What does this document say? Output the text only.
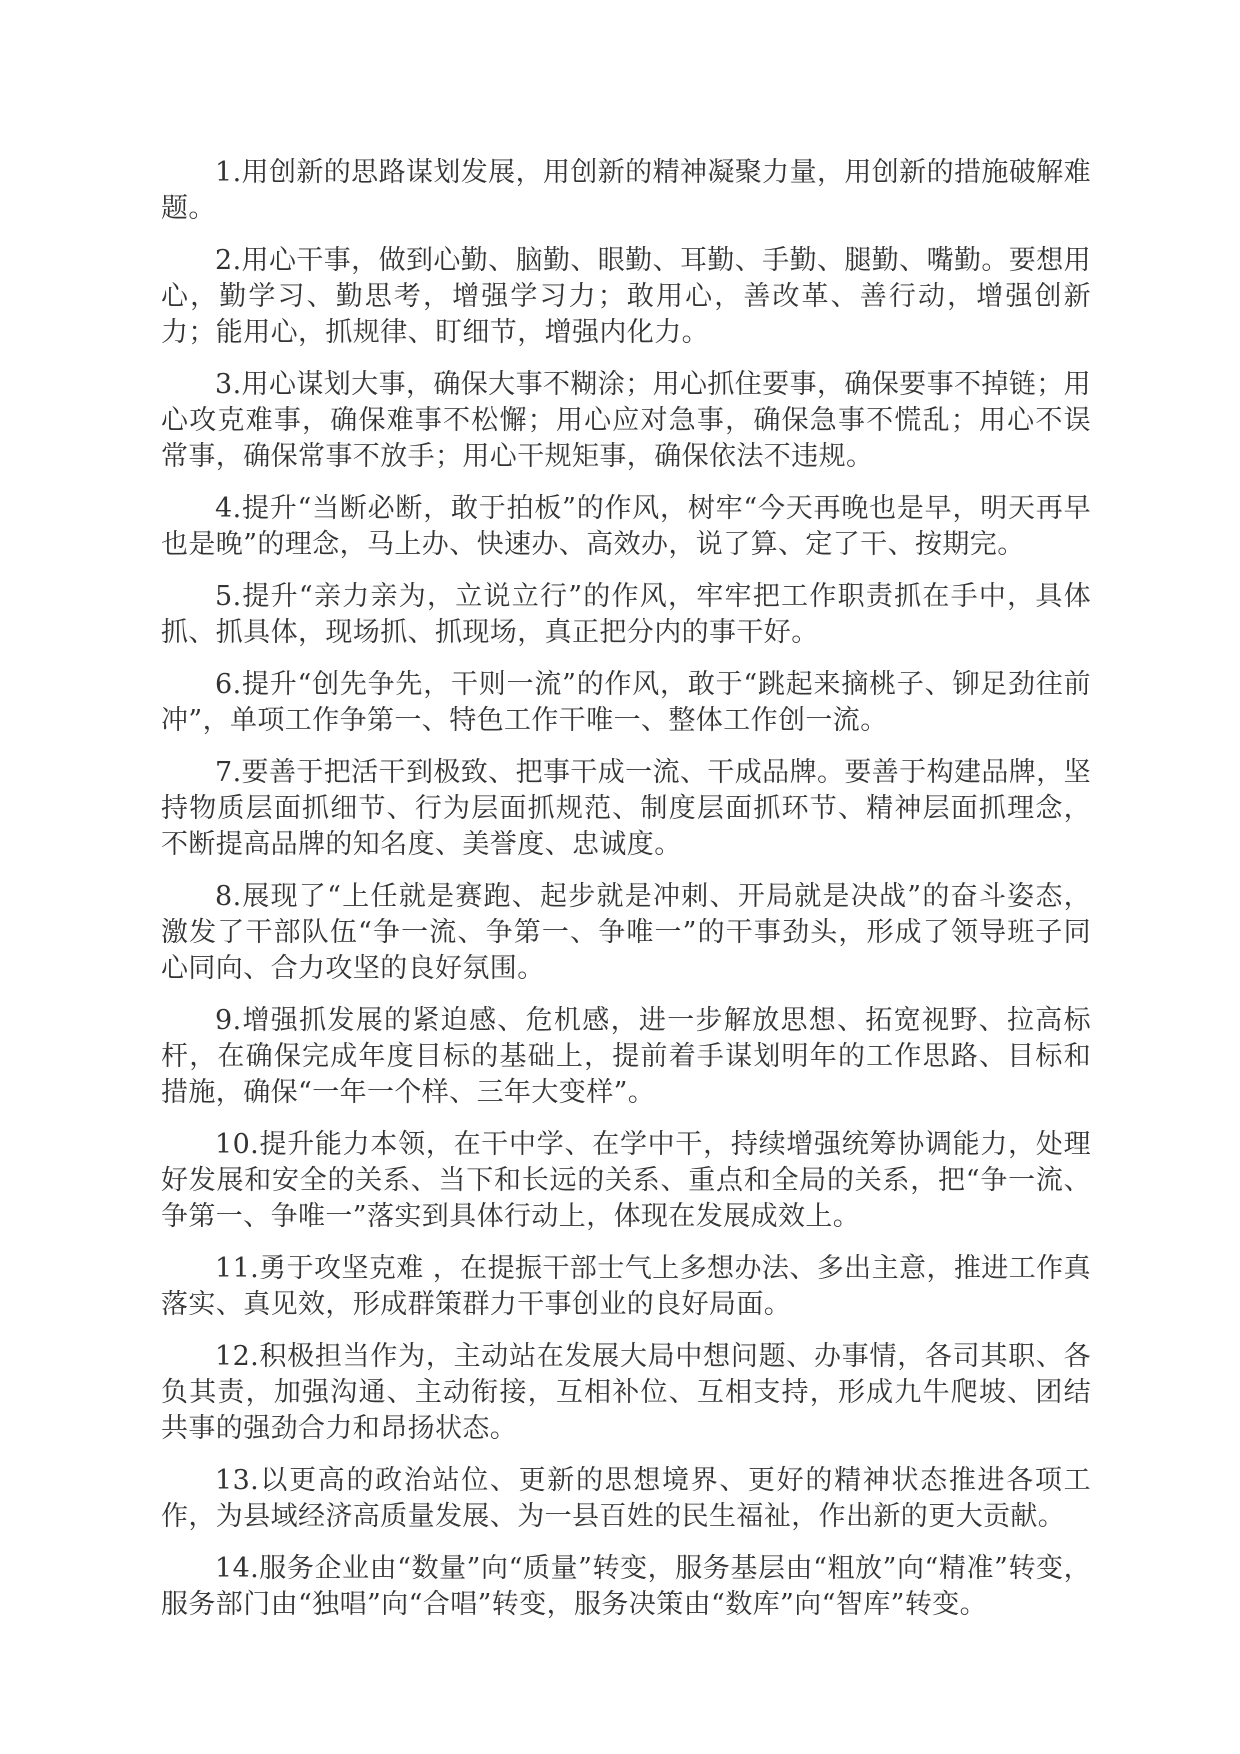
1.用创新的思路谋划发展，用创新的精神凝聚力量，用创新的措施破解难题。

2.用心干事，做到心勤、脑勤、眼勤、耳勤、手勤、腿勤、嘴勤。要想用心，勤学习、勤思考，增强学习力；敢用心，善改革、善行动，增强创新力；能用心，抓规律、盯细节，增强内化力。

3.用心谋划大事，确保大事不糊涂；用心抓住要事，确保要事不掉链；用心攻克难事，确保难事不松懈；用心应对急事，确保急事不慌乱；用心不误常事，确保常事不放手；用心干规矩事，确保依法不违规。

4.提升“当断必断，敢于拍板”的作风，树牢“今天再晚也是早，明天再早也是晚”的理念，马上办、快速办、高效办，说了算、定了干、按期完。

5.提升“亲力亲为，立说立行”的作风，牢牢把工作职责抓在手中，具体抓、抓具体，现场抓、抓现场，真正把分内的事干好。

6.提升“创先争先，干则一流”的作风，敢于“跳起来摘桃子、铆足劲往前冲”，单项工作争第一、特色工作干唯一、整体工作创一流。

7.要善于把活干到极致、把事干成一流、干成品牌。要善于构建品牌，坚持物质层面抓细节、行为层面抓规范、制度层面抓环节、精神层面抓理念，不断提高品牌的知名度、美誉度、忠诚度。

8.展现了“上任就是赛跑、起步就是冲刺、开局就是决战”的奋斗姿态，激发了干部队伍“争一流、争第一、争唯一”的干事劲头，形成了领导班子同心同向、合力攻坚的良好氛围。

9.增强抓发展的紧迫感、危机感，进一步解放思想、拓宽视野、拉高标杆，在确保完成年度目标的基础上，提前着手谋划明年的工作思路、目标和措施，确保“一年一个样、三年大变样”。

10.提升能力本领，在干中学、在学中干，持续增强统筹协调能力，处理好发展和安全的关系、当下和长远的关系、重点和全局的关系，把“争一流、争第一、争唯一”落实到具体行动上，体现在发展成效上。

11.勇于攻坚克难 ，在提振干部士气上多想办法、多出主意，推进工作真落实、真见效，形成群策群力干事创业的良好局面。

12.积极担当作为，主动站在发展大局中想问题、办事情，各司其职、各负其责，加强沟通、主动衔接，互相补位、互相支持，形成九牛爬坡、团结共事的强劲合力和昂扬状态。

13.以更高的政治站位、更新的思想境界、更好的精神状态推进各项工作，为县域经济高质量发展、为一县百姓的民生福祉，作出新的更大贡献。

14.服务企业由“数量”向“质量”转变，服务基层由“粗放”向“精准”转变，服务部门由“独唱”向“合唱”转变，服务决策由“数库”向“智库”转变。
